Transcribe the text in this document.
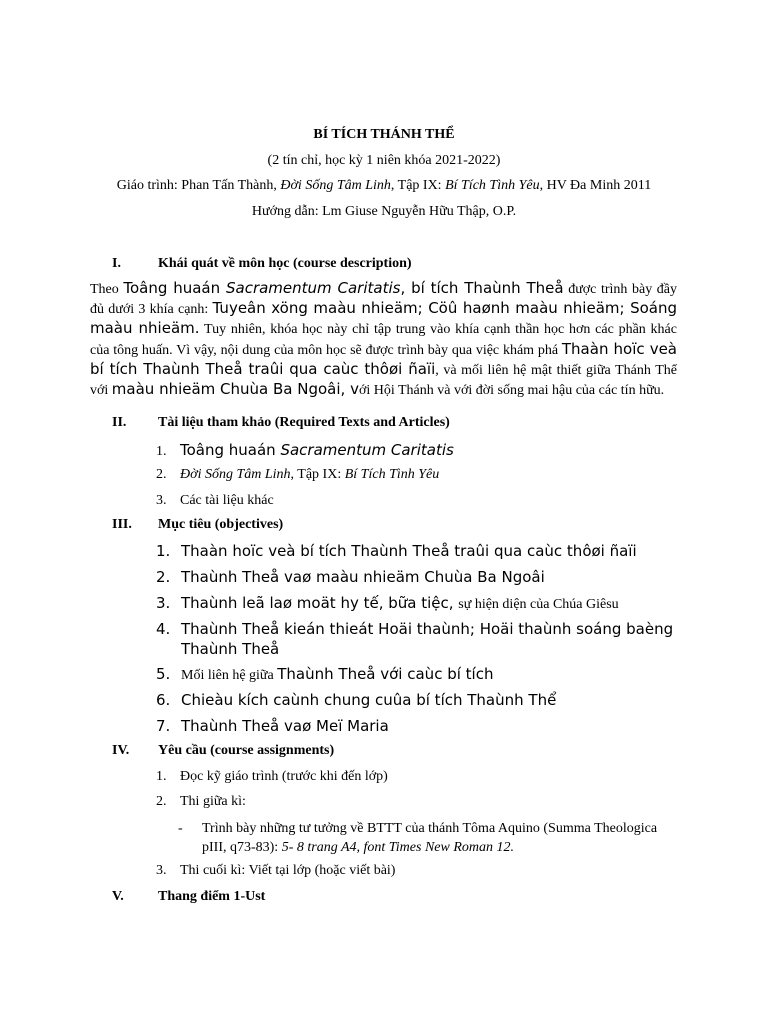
BÍ TÍCH THÁNH THỂ
(2 tín chỉ, học kỳ 1 niên khóa 2021-2022)
Giáo trình: Phan Tấn Thành, Đời Sống Tâm Linh, Tập IX: Bí Tích Tình Yêu, HV Đa Minh 2011
Hướng dẫn: Lm Giuse Nguyễn Hữu Thập, O.P.
I.	Khái quát về môn học (course description)
Theo Toâng huaán Sacramentum Caritatis, bí tích Thaùnh Theå được trình bày đầy đủ dưới 3 khía cạnh: Tuyeân xöng maàu nhieäm; Cöû haønh maàu nhieäm; Soáng maàu nhieäm. Tuy nhiên, khóa học này chỉ tập trung vào khía cạnh thần học hơn các phần khác của tông huấn. Vì vậy, nội dung của môn học sẽ được trình bày qua việc khám phá Thaàn hoïc veà bí tích Thaùnh Theå traûi qua caùc thôøi ñaïi, và mối liên hệ mật thiết giữa Thánh Thể với maàu nhieäm Chuùa Ba Ngoâi, với Hội Thánh và với đời sống mai hậu của các tín hữu.
II. Tài liệu tham khảo (Required Texts and Articles)
1. Toâng huaán Sacramentum Caritatis
2. Đời Sống Tâm Linh, Tập IX: Bí Tích Tình Yêu
3. Các tài liệu khác
III. Mục tiêu (objectives)
1. Thaàn hoïc veà bí tích Thaùnh Theå traûi qua caùc thôøi ñaïi
2. Thaùnh Theå vaø maàu nhieäm Chuùa Ba Ngoâi
3. Thaùnh leã laø moät hy tế, bữa tiệc, sự hiện diện của Chúa Giêsu
4. Thaùnh Theå kieán thieát Hoäi thaùnh; Hoäi thaùnh soáng baèng
Thaùnh Theå
5. Mối liên hệ giữa Thaùnh Theå với caùc bí tích
6. Chieàu kích caùnh chung cuûa bí tích Thaùnh Thể
7. Thaùnh Theå vaø Meï Maria
IV. Yêu cầu (course assignments)
1. Đọc kỹ giáo trình (trước khi đến lớp)
2. Thi giữa kì:
-	Trình bày những tư tưởng về BTTT của thánh Tôma Aquino (Summa Theologica pIII, q73-83): 5- 8 trang A4, font Times New Roman 12.
3. Thi cuối kì: Viết tại lớp (hoặc viết bài)
V. Thang điểm 1-Ust
